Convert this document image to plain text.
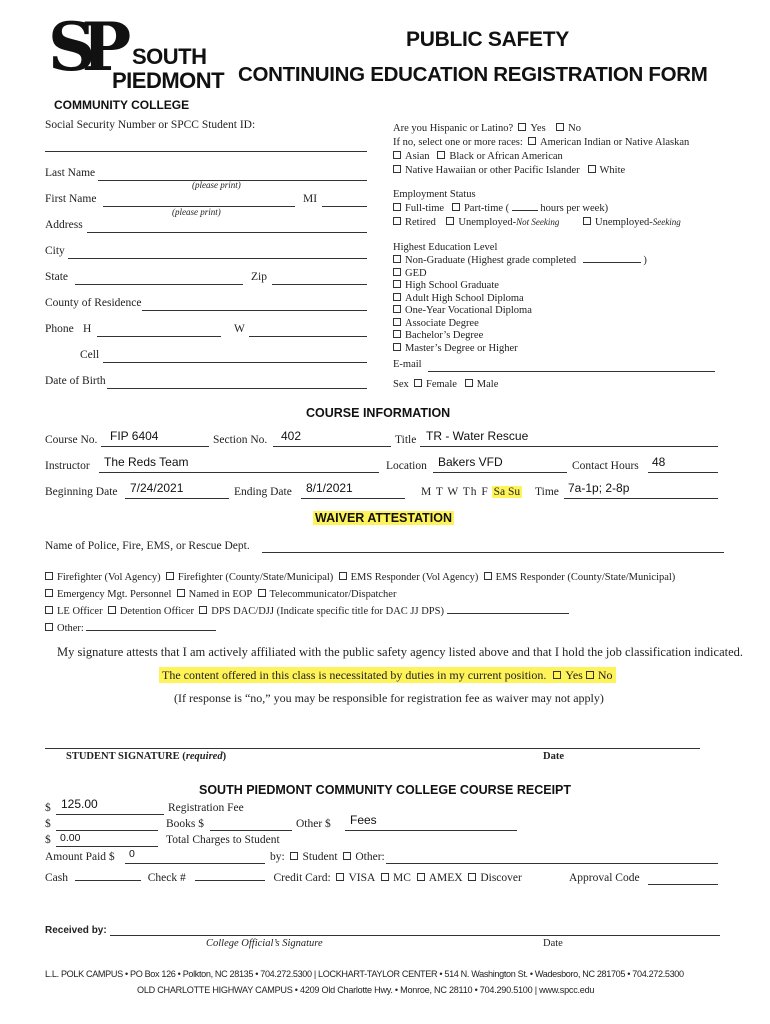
SP SOUTH
PIEDMONT
COMMUNITY COLLEGE
PUBLIC SAFETY
CONTINUING EDUCATION REGISTRATION FORM
Social Security Number or SPCC Student ID:
Last Name
(please print)
First Name	MI
(please print)
Address
City
State	Zip
County of Residence
Phone H	W
Cell
Date of Birth
Are you Hispanic or Latino? Yes No
If no, select one or more races: American Indian or Native Alaskan
Asian Black or African American
Native Hawaiian or other Pacific Islander White
Employment Status
Full-time Part-time (	hours per week)
Retired Unemployed-Not Seeking	Unemployed-Seeking
Highest Education Level
Non-Graduate (Highest grade completed	)
GED
High School Graduate
Adult High School Diploma
One-Year Vocational Diploma
Associate Degree
Bachelor’s Degree
Master’s Degree or Higher
E-mail
Sex Female Male
COURSE INFORMATION
Course No. FIP 6404	Section No. 402	Title TR - Water Rescue
Instructor The Reds Team	Location Bakers VFD	Contact Hours 48
Beginning Date 7/24/2021	Ending Date 8/1/2021	M T W Th F Sa Su Time 7a-1p; 2-8p
WAIVER ATTESTATION
Name of Police, Fire, EMS, or Rescue Dept.
Firefighter (Vol Agency) Firefighter (County/State/Municipal) EMS Responder (Vol Agency) EMS Responder (County/State/Municipal)
Emergency Mgt. Personnel Named in EOP Telecommunicator/Dispatcher
LE Officer Detention Officer DPS DAC/DJJ (Indicate specific title for DAC JJ DPS)
Other:
My signature attests that I am actively affiliated with the public safety agency listed above and that I hold the job classification indicated.
The content offered in this class is necessitated by duties in my current position. Yes No
(If response is “no,” you may be responsible for registration fee as waiver may not apply)
STUDENT SIGNATURE (required)	Date
SOUTH PIEDMONT COMMUNITY COLLEGE COURSE RECEIPT
$ 125.00	Registration Fee
$	Books $	Other $ Fees
$ 0.00	Total Charges to Student
Amount Paid $ 0	by: Student Other:
Cash	Check #	Credit Card: VISA MC AMEX Discover	Approval Code
Received by:
College Official’s Signature	Date
L.L. POLK CAMPUS • PO Box 126 • Polkton, NC 28135 • 704.272.5300 | LOCKHART-TAYLOR CENTER • 514 N. Washington St. • Wadesboro, NC 281705 • 704.272.5300
OLD CHARLOTTE HIGHWAY CAMPUS • 4209 Old Charlotte Hwy. • Monroe, NC 28110 • 704.290.5100 | www.spcc.edu
